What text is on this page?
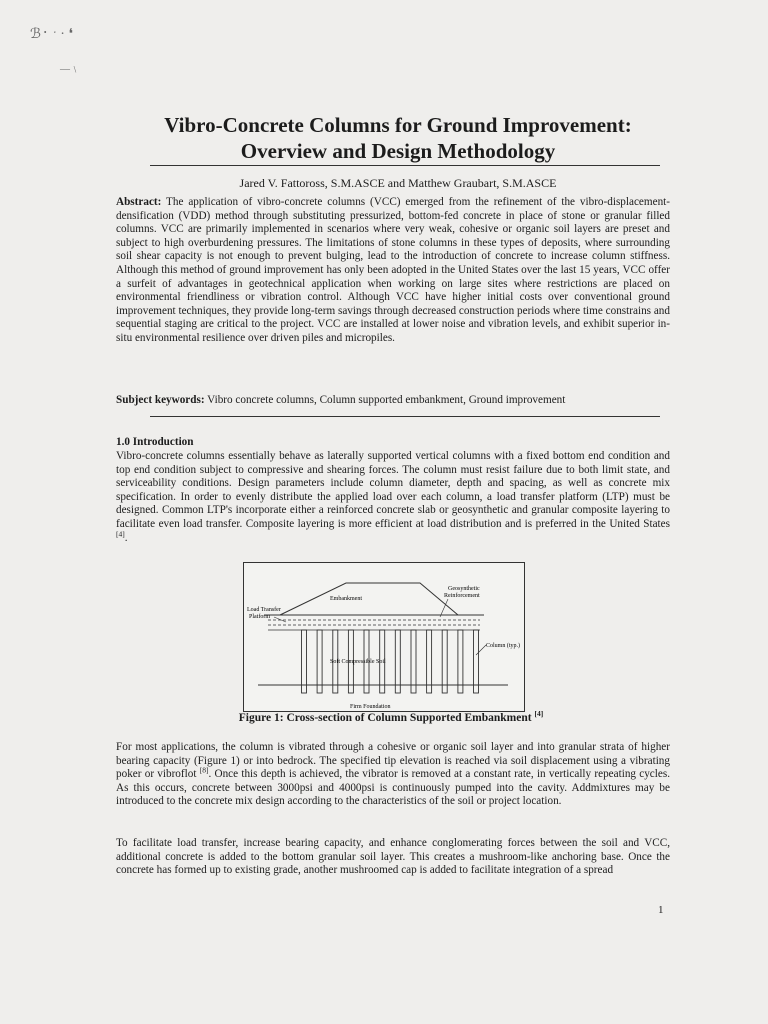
ℬ᛫ ˑ · ❛
—﹨
Vibro-Concrete Columns for Ground Improvement:
Overview and Design Methodology
Jared V. Fattoross, S.M.ASCE and Matthew Graubart, S.M.ASCE
Abstract: The application of vibro-concrete columns (VCC) emerged from the refinement of the vibro-displacement-densification (VDD) method through substituting pressurized, bottom-fed concrete in place of stone or granular filled columns. VCC are primarily implemented in scenarios where very weak, cohesive or organic soil layers are preset and subject to high overburdening pressures. The limitations of stone columns in these types of deposits, where surrounding soil shear capacity is not enough to prevent bulging, lead to the introduction of concrete to increase column stiffness. Although this method of ground improvement has only been adopted in the United States over the last 15 years, VCC offer a surfeit of advantages in geotechnical application when working on large sites where restrictions are placed on environmental friendliness or vibration control. Although VCC have higher initial costs over conventional ground improvement techniques, they provide long-term savings through decreased construction periods where time constrains and sequential staging are critical to the project. VCC are installed at lower noise and vibration levels, and exhibit superior in-situ environmental resilience over driven piles and micropiles.
Subject keywords: Vibro concrete columns, Column supported embankment, Ground improvement
1.0 Introduction
Vibro-concrete columns essentially behave as laterally supported vertical columns with a fixed bottom end condition and top end condition subject to compressive and shearing forces. The column must resist failure due to both limit state, and serviceability conditions. Design parameters include column diameter, depth and spacing, as well as concrete mix specification. In order to evenly distribute the applied load over each column, a load transfer platform (LTP) must be designed. Common LTP's incorporate either a reinforced concrete slab or geosynthetic and granular composite layering to facilitate even load transfer. Composite layering is more efficient at load distribution and is preferred in the United States [4].
Embankment
Geosynthetic
Reinforcement
Load Transfer
Platform
Column (typ.)
Soft Compressible Soil
Firm Foundation
Figure 1: Cross-section of Column Supported Embankment [4]
For most applications, the column is vibrated through a cohesive or organic soil layer and into granular strata of higher bearing capacity (Figure 1) or into bedrock. The specified tip elevation is reached via soil displacement using a vibrating poker or vibroflot [8]. Once this depth is achieved, the vibrator is removed at a constant rate, in vertically repeating cycles. As this occurs, concrete between 3000psi and 4000psi is continuously pumped into the cavity. Addmixtures may be introduced to the concrete mix design according to the characteristics of the soil or project location.
To facilitate load transfer, increase bearing capacity, and enhance conglomerating forces between the soil and VCC, additional concrete is added to the bottom granular soil layer. This creates a mushroom-like anchoring base. Once the concrete has formed up to existing grade, another mushroomed cap is added to facilitate integration of a spread
1
